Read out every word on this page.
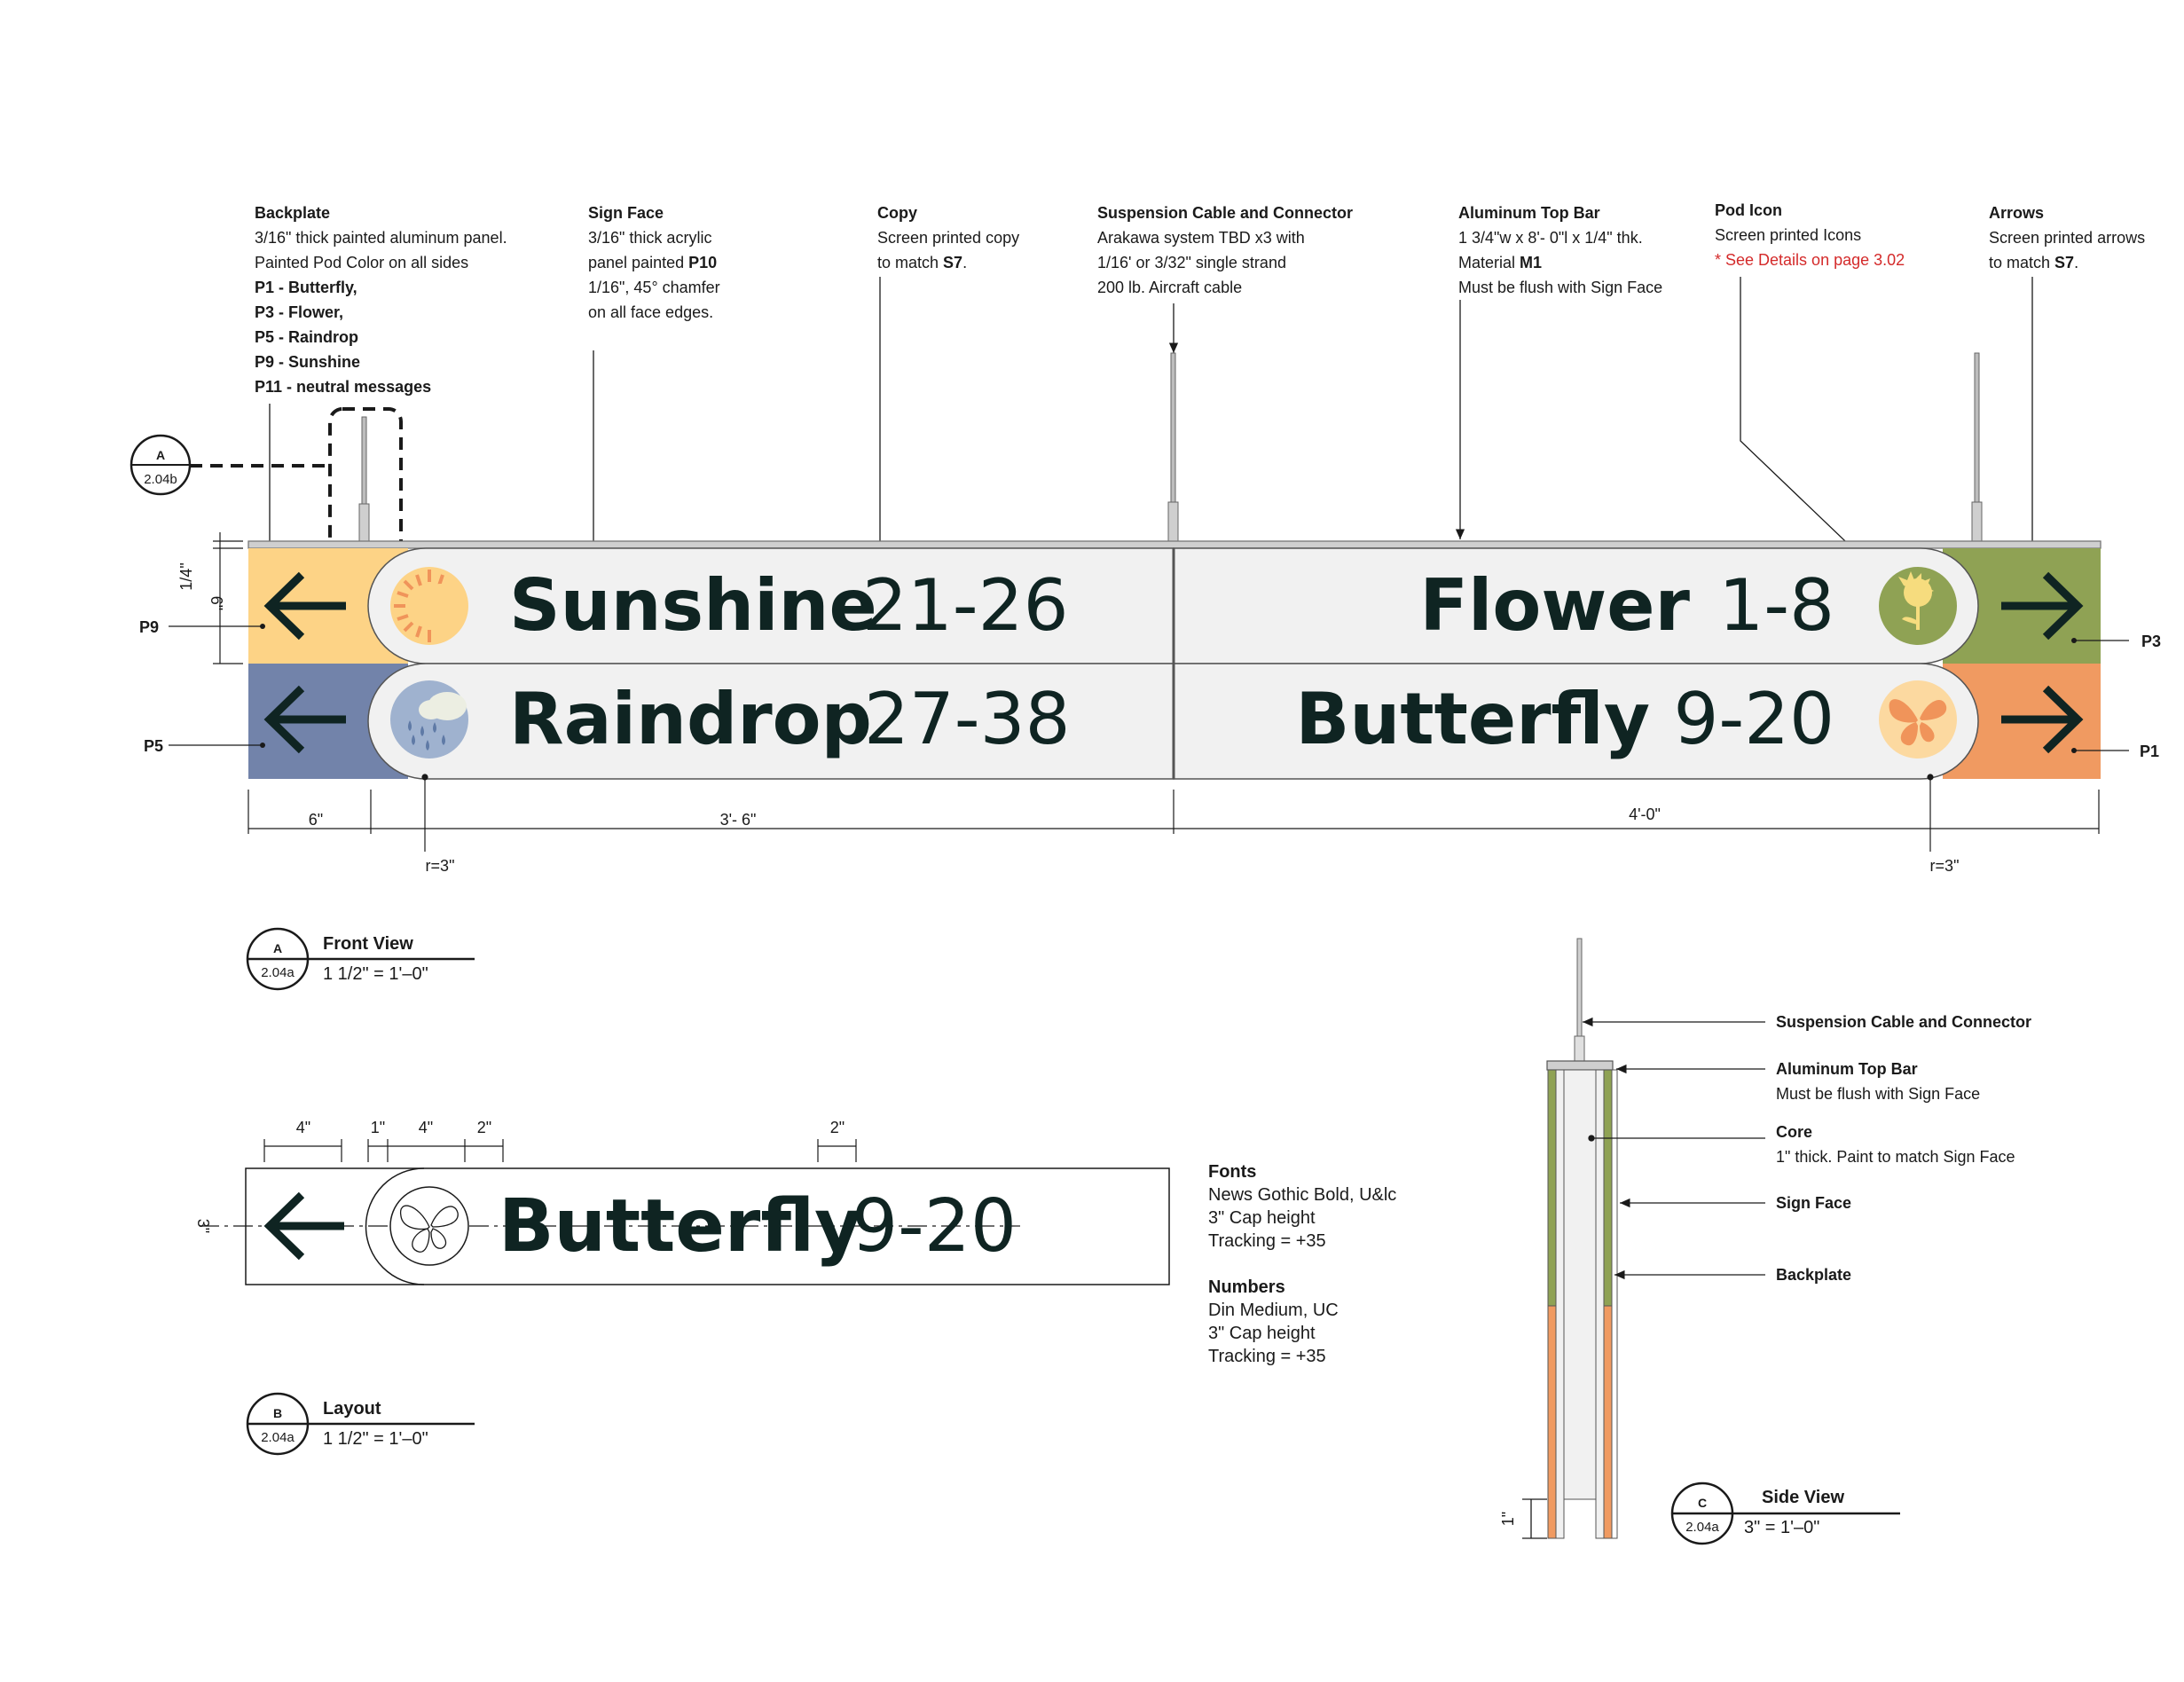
Backplate
3/16" thick painted aluminum panel.
Painted Pod Color on all sides
P1 - Butterfly,
P3 - Flower,
P5 - Raindrop
P9 - Sunshine
P11 - neutral messages
Sign Face
3/16" thick acrylic
panel painted P10
1/16", 45° chamfer
on all face edges.
Copy
Screen printed copy
to match S7.
Suspension Cable and Connector
Arakawa system TBD x3 with
1/16' or 3/32" single strand
200 lb. Aircraft cable
Aluminum Top Bar
1 3/4"w x 8'- 0"l x 1/4" thk.
Material M1
Must be flush with Sign Face
Pod Icon
Screen printed Icons
* See Details on page 3.02
Arrows
Screen printed arrows
to match S7.
Fonts
News Gothic Bold, U&lc
3" Cap height
Tracking = +35
Numbers
Din Medium, UC
3" Cap height
Tracking = +35
Suspension Cable and Connector
Aluminum Top Bar
Must be flush with Sign Face
Core
1" thick. Paint to match Sign Face
Sign Face
Backplate
A
2.04b
Sunshine
21-26
Raindrop
27-38
Flower 1-8
Butterfly 9-20
P9
P5
P3
P1
1/4"
6"
6"	3'- 6"	4'-0"
r=3"	r=3"
A
2.04a
Front View
1 1/2" = 1'–0"
Butterfly
9-20
4"	1" 4"	2"	2"
3"
B
2.04a
Layout
1 1/2" = 1'–0"
1"
C
2.04a
Side View
3" = 1'–0"
